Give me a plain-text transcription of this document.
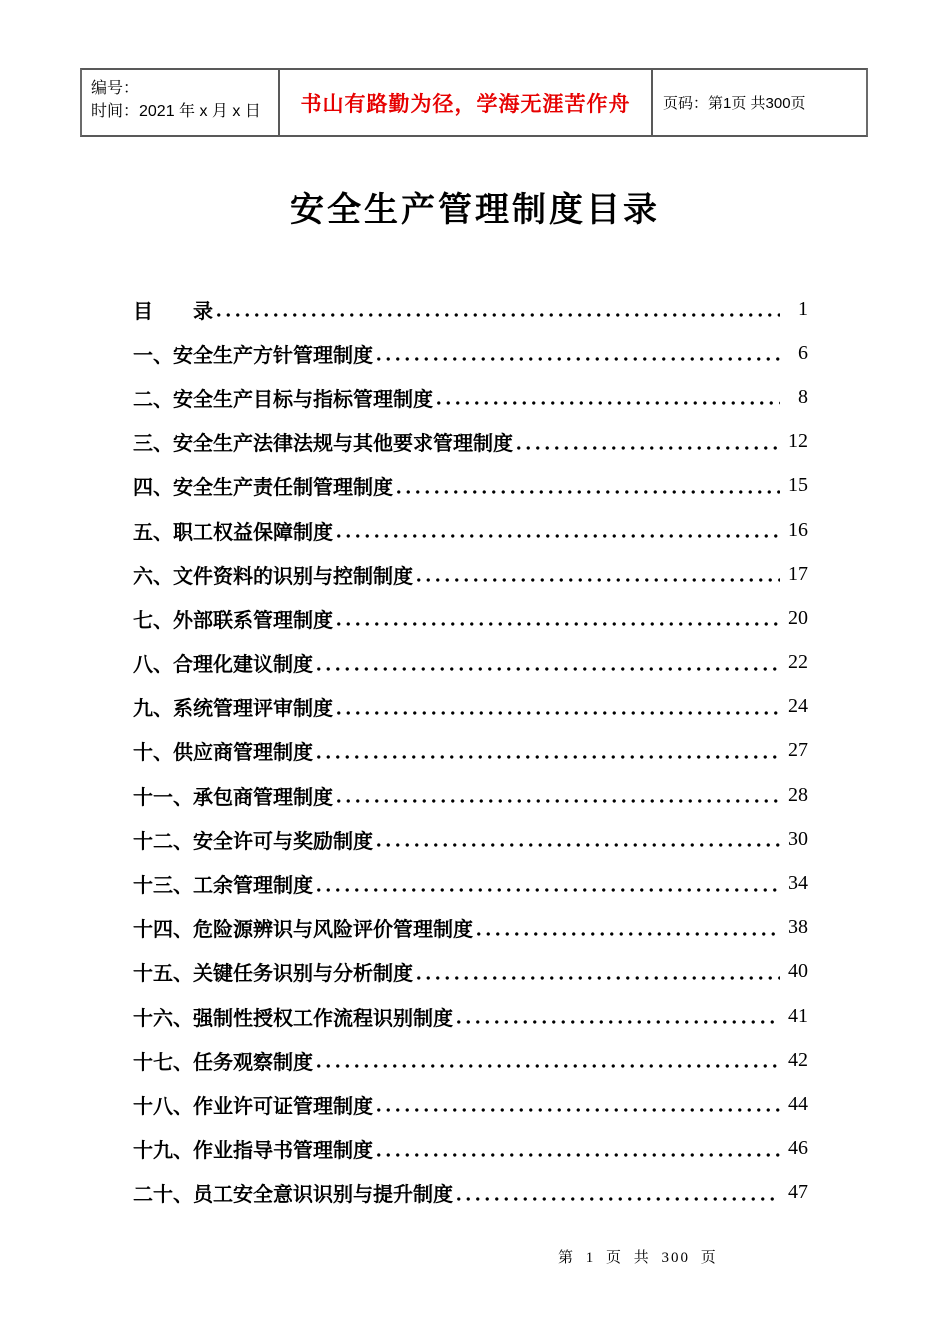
编号：
时间：2021 年 x 月 x 日	书山有路勤为径，学海无涯苦作舟 页码：第1页 共300页
安全生产管理制度目录
目　　录	1
一、安全生产方针管理制度	6
二、安全生产目标与指标管理制度	8
三、安全生产法律法规与其他要求管理制度	12
四、安全生产责任制管理制度	15
五、职工权益保障制度	16
六、文件资料的识别与控制制度	17
七、外部联系管理制度	20
八、合理化建议制度	22
九、系统管理评审制度	24
十、供应商管理制度	27
十一、承包商管理制度	28
十二、安全许可与奖励制度	30
十三、工余管理制度	34
十四、危险源辨识与风险评价管理制度	38
十五、关键任务识别与分析制度	40
十六、强制性授权工作流程识别制度	41
十七、任务观察制度	42
十八、作业许可证管理制度	44
十九、作业指导书管理制度	46
二十、员工安全意识识别与提升制度	47
第 1 页 共 300 页
